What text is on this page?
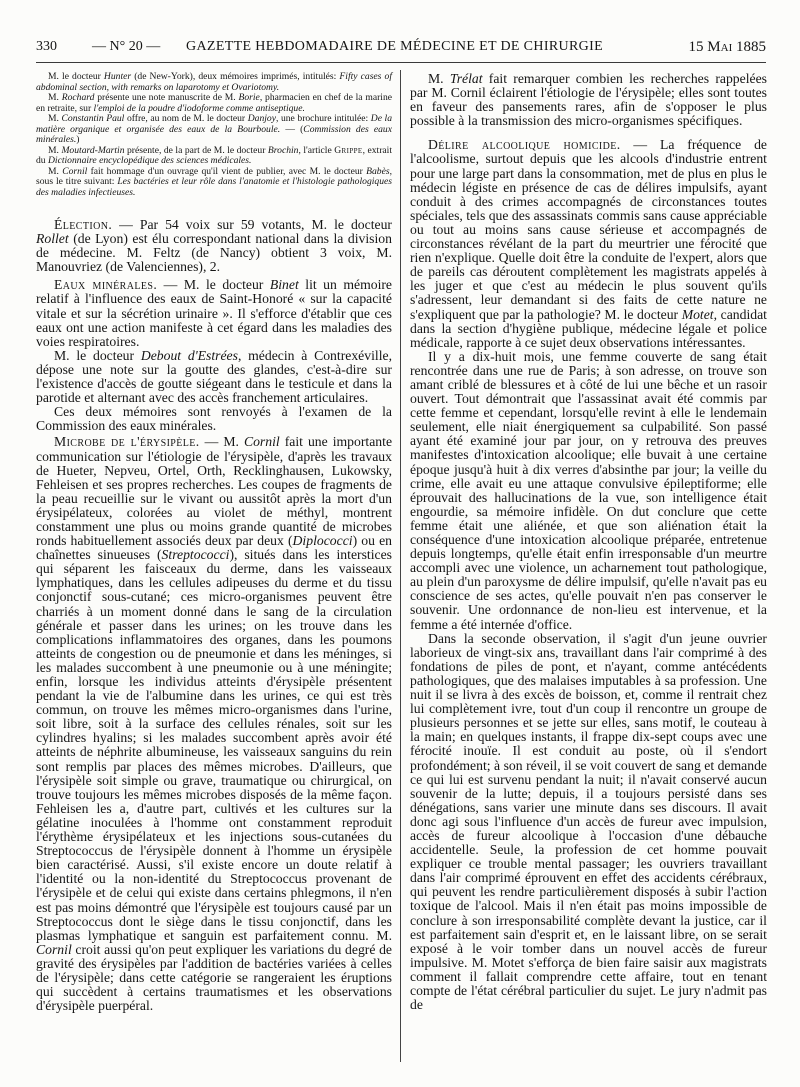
330	— N° 20 — GAZETTE HEBDOMADAIRE DE MÉDECINE ET DE CHIRURGIE	15 Mai 1885

M. le docteur Hunter (de New-York), deux mémoires imprimés, intitulés: Fifty cases of abdominal section, with remarks on laparotomy et Ovariotomy.

M. Rochard présente une note manuscrite de M. Borie, pharmacien en chef de la marine en retraite, sur l'emploi de la poudre d'iodoforme comme antiseptique.

M. Constantin Paul offre, au nom de M. le docteur Danjoy, une brochure intitulée: De la matière organique et organisée des eaux de la Bourboule. — (Commission des eaux minérales.)

M. Moutard-Martin présente, de la part de M. le docteur Brochin, l'article Grippe, extrait du Dictionnaire encyclopédique des sciences médicales.

M. Cornil fait hommage d'un ouvrage qu'il vient de publier, avec M. le docteur Babès, sous le titre suivant: Les bactéries et leur rôle dans l'anatomie et l'histologie pathologiques des maladies infectieuses.

Élection. — Par 54 voix sur 59 votants, M. le docteur Rollet (de Lyon) est élu correspondant national dans la division de médecine. M. Feltz (de Nancy) obtient 3 voix, M. Manouvriez (de Valenciennes), 2.

Eaux minérales. — M. le docteur Binet lit un mémoire relatif à l'influence des eaux de Saint-Honoré « sur la capacité vitale et sur la sécrétion urinaire ». Il s'efforce d'établir que ces eaux ont une action manifeste à cet égard dans les maladies des voies respiratoires.

M. le docteur Debout d'Estrées, médecin à Contrexéville, dépose une note sur la goutte des glandes, c'est-à-dire sur l'existence d'accès de goutte siégeant dans le testicule et dans la parotide et alternant avec des accès franchement articulaires.

Ces deux mémoires sont renvoyés à l'examen de la Commission des eaux minérales.

Microbe de l'érysipèle. — M. Cornil fait une importante communication sur l'étiologie de l'érysipèle, d'après les travaux de Hueter, Nepveu, Ortel, Orth, Recklinghausen, Lukowsky, Fehleisen et ses propres recherches. Les coupes de fragments de la peau recueillie sur le vivant ou aussitôt après la mort d'un érysipélateux, colorées au violet de méthyl, montrent constamment une plus ou moins grande quantité de microbes ronds habituellement associés deux par deux (Diplococci) ou en chaînettes sinueuses (Streptococci), situés dans les interstices qui séparent les faisceaux du derme, dans les vaisseaux lymphatiques, dans les cellules adipeuses du derme et du tissu conjonctif sous-cutané; ces micro-organismes peuvent être charriés à un moment donné dans le sang de la circulation générale et passer dans les urines; on les trouve dans les complications inflammatoires des organes, dans les poumons atteints de congestion ou de pneumonie et dans les méninges, si les malades succombent à une pneumonie ou à une méningite; enfin, lorsque les individus atteints d'érysipèle présentent pendant la vie de l'albumine dans les urines, ce qui est très commun, on trouve les mêmes micro-organismes dans l'urine, soit libre, soit à la surface des cellules rénales, soit sur les cylindres hyalins; si les malades succombent après avoir été atteints de néphrite albumineuse, les vaisseaux sanguins du rein sont remplis par places des mêmes microbes. D'ailleurs, que l'érysipèle soit simple ou grave, traumatique ou chirurgical, on trouve toujours les mêmes microbes disposés de la même façon. Fehleisen les a, d'autre part, cultivés et les cultures sur la gélatine inoculées à l'homme ont constamment reproduit l'érythème érysipélateux et les injections sous-cutanées du Streptococcus de l'érysipèle donnent à l'homme un érysipèle bien caractérisé. Aussi, s'il existe encore un doute relatif à l'identité ou la non-identité du Streptococcus provenant de l'érysipèle et de celui qui existe dans certains phlegmons, il n'en est pas moins démontré que l'érysipèle est toujours causé par un Streptococcus dont le siège dans le tissu conjonctif, dans les plasmas lymphatique et sanguin est parfaitement connu. M. Cornil croit aussi qu'on peut expliquer les variations du degré de gravité des érysipèles par l'addition de bactéries variées à celles de l'érysipèle; dans cette catégorie se rangeraient les éruptions qui succèdent à certains traumatismes et les observations d'érysipèle puerpéral.

M. Trélat fait remarquer combien les recherches rappelées par M. Cornil éclairent l'étiologie de l'érysipèle; elles sont toutes en faveur des pansements rares, afin de s'opposer le plus possible à la transmission des micro-organismes spécifiques.

Délire alcoolique homicide. — La fréquence de l'alcoolisme, surtout depuis que les alcools d'industrie entrent pour une large part dans la consommation, met de plus en plus le médecin légiste en présence de cas de délires impulsifs, ayant conduit à des crimes accompagnés de circonstances toutes spéciales, tels que des assassinats commis sans cause appréciable ou tout au moins sans cause sérieuse et accompagnés de circonstances révélant de la part du meurtrier une férocité que rien n'explique. Quelle doit être la conduite de l'expert, alors que de pareils cas déroutent complètement les magistrats appelés à les juger et que c'est au médecin le plus souvent qu'ils s'adressent, leur demandant si des faits de cette nature ne s'expliquent que par la pathologie? M. le docteur Motet, candidat dans la section d'hygiène publique, médecine légale et police médicale, rapporte à ce sujet deux observations intéressantes.

Il y a dix-huit mois, une femme couverte de sang était rencontrée dans une rue de Paris; à son adresse, on trouve son amant criblé de blessures et à côté de lui une bêche et un rasoir ouvert. Tout démontrait que l'assassinat avait été commis par cette femme et cependant, lorsqu'elle revint à elle le lendemain seulement, elle niait énergiquement sa culpabilité. Son passé ayant été examiné jour par jour, on y retrouva des preuves manifestes d'intoxication alcoolique; elle buvait à une certaine époque jusqu'à huit à dix verres d'absinthe par jour; la veille du crime, elle avait eu une attaque convulsive épileptiforme; elle éprouvait des hallucinations de la vue, son intelligence était engourdie, sa mémoire infidèle. On dut conclure que cette femme était une aliénée, et que son aliénation était la conséquence d'une intoxication alcoolique préparée, entretenue depuis longtemps, qu'elle était enfin irresponsable d'un meurtre accompli avec une violence, un acharnement tout pathologique, au plein d'un paroxysme de délire impulsif, qu'elle n'avait pas eu conscience de ses actes, qu'elle pouvait n'en pas conserver le souvenir. Une ordonnance de non-lieu est intervenue, et la femme a été internée d'office.

Dans la seconde observation, il s'agit d'un jeune ouvrier laborieux de vingt-six ans, travaillant dans l'air comprimé à des fondations de piles de pont, et n'ayant, comme antécédents pathologiques, que des malaises imputables à sa profession. Une nuit il se livra à des excès de boisson, et, comme il rentrait chez lui complètement ivre, tout d'un coup il rencontre un groupe de plusieurs personnes et se jette sur elles, sans motif, le couteau à la main; en quelques instants, il frappe dix-sept coups avec une férocité inouïe. Il est conduit au poste, où il s'endort profondément; à son réveil, il se voit couvert de sang et demande ce qui lui est survenu pendant la nuit; il n'avait conservé aucun souvenir de la lutte; depuis, il a toujours persisté dans ses dénégations, sans varier une minute dans ses discours. Il avait donc agi sous l'influence d'un accès de fureur avec impulsion, accès de fureur alcoolique à l'occasion d'une débauche accidentelle. Seule, la profession de cet homme pouvait expliquer ce trouble mental passager; les ouvriers travaillant dans l'air comprimé éprouvent en effet des accidents cérébraux, qui peuvent les rendre particulièrement disposés à subir l'action toxique de l'alcool. Mais il n'en était pas moins impossible de conclure à son irresponsabilité complète devant la justice, car il est parfaitement sain d'esprit et, en le laissant libre, on se serait exposé à le voir tomber dans un nouvel accès de fureur impulsive. M. Motet s'efforça de bien faire saisir aux magistrats comment il fallait comprendre cette affaire, tout en tenant compte de l'état cérébral particulier du sujet. Le jury n'admit pas de
